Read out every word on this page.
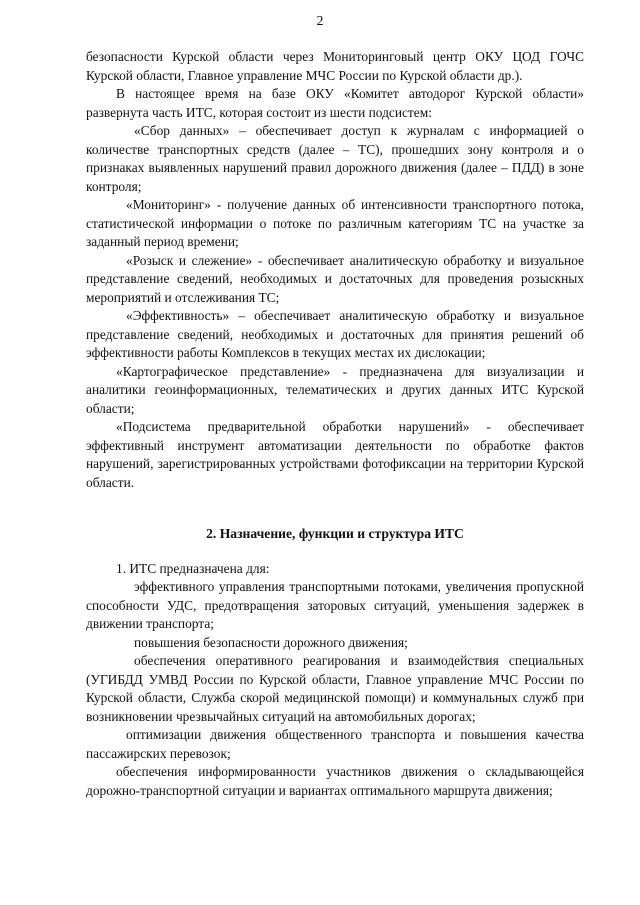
2

безопасности Курской области через Мониторинговый центр ОКУ ЦОД ГОЧС Курской области, Главное управление МЧС России по Курской области др.).

В настоящее время на базе ОКУ «Комитет автодорог Курской области» развернута часть ИТС, которая состоит из шести подсистем:

«Сбор данных» – обеспечивает доступ к журналам с информацией о количестве транспортных средств (далее – ТС), прошедших зону контроля и о признаках выявленных нарушений правил дорожного движения (далее – ПДД) в зоне контроля;

«Мониторинг» - получение данных об интенсивности транспортного потока, статистической информации о потоке по различным категориям ТС на участке за заданный период времени;

«Розыск и слежение» - обеспечивает аналитическую обработку и визуальное представление сведений, необходимых и достаточных для проведения розыскных мероприятий и отслеживания ТС;

«Эффективность» – обеспечивает аналитическую обработку и визуальное представление сведений, необходимых и достаточных для принятия решений об эффективности работы Комплексов в текущих местах их дислокации;

«Картографическое представление» - предназначена для визуализации и аналитики геоинформационных, телематических и других данных ИТС Курской области;

«Подсистема предварительной обработки нарушений» - обеспечивает эффективный инструмент автоматизации деятельности по обработке фактов нарушений, зарегистрированных устройствами фотофиксации на территории Курской области.

2. Назначение, функции и структура ИТС

1. ИТС предназначена для:

эффективного управления транспортными потоками, увеличения пропускной способности УДС, предотвращения заторовых ситуаций, уменьшения задержек в движении транспорта;

повышения безопасности дорожного движения;

обеспечения оперативного реагирования и взаимодействия специальных (УГИБДД УМВД России по Курской области, Главное управление МЧС России по Курской области, Служба скорой медицинской помощи) и коммунальных служб при возникновении чрезвычайных ситуаций на автомобильных дорогах;

оптимизации движения общественного транспорта и повышения качества пассажирских перевозок;

обеспечения информированности участников движения о складывающейся дорожно-транспортной ситуации и вариантах оптимального маршрута движения;
